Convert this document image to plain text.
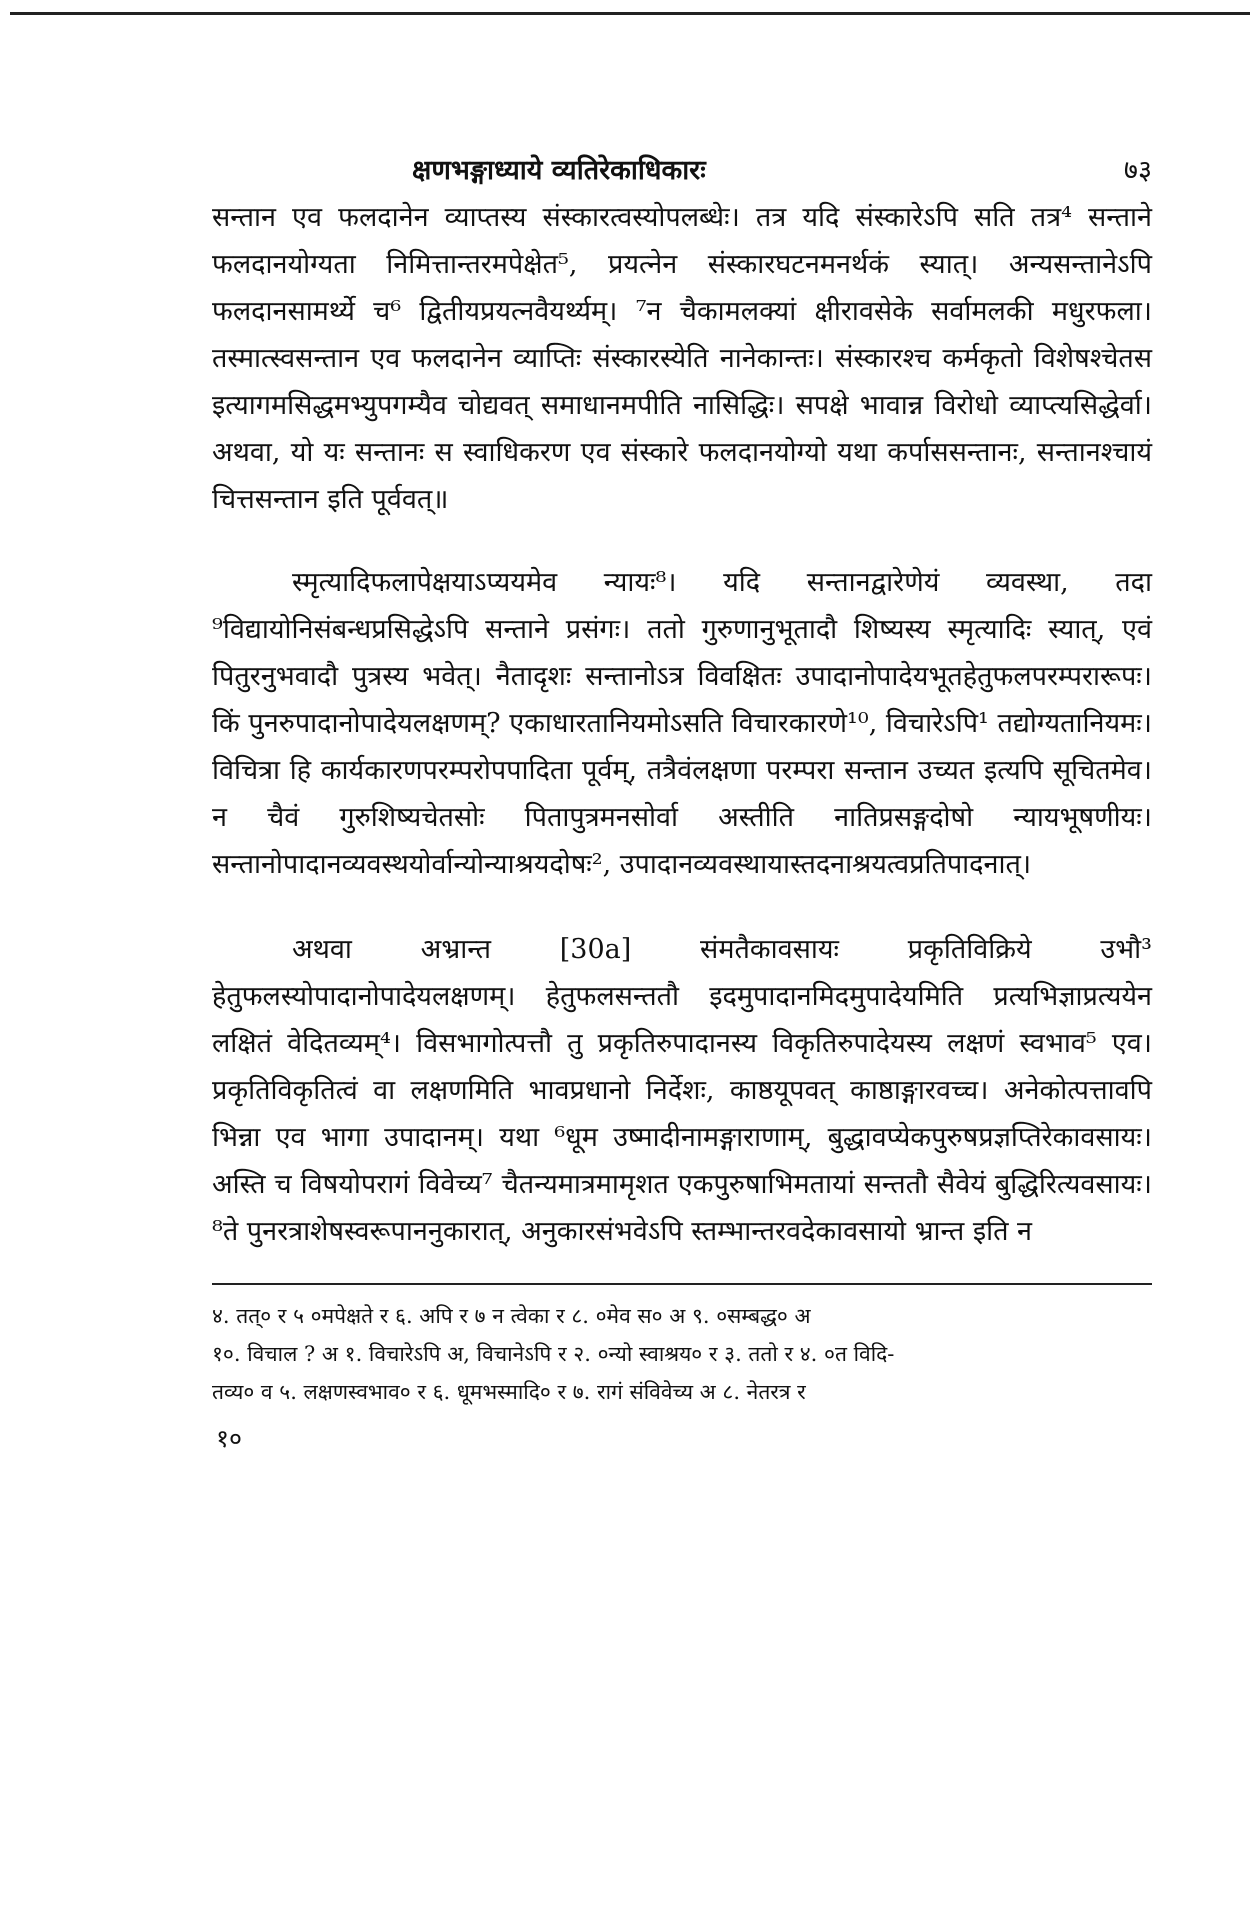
क्षणभङ्गाध्याये व्यतिरेकाधिकारः	७३

सन्तान एव फलदानेन व्याप्तस्य संस्कारत्वस्योपलब्धेः। तत्र यदि संस्कारेऽपि सति तत्र⁴ सन्ताने फलदानयोग्यता निमित्तान्तरमपेक्षेत⁵, प्रयत्नेन संस्कारघटनमनर्थकं स्यात्। अन्यसन्तानेऽपि फलदानसामर्थ्ये च⁶ द्वितीयप्रयत्नवैयर्थ्यम्। ⁷न चैकामलक्यां क्षीरावसेके सर्वामलकी मधुरफला। तस्मात्स्वसन्तान एव फलदानेन व्याप्तिः संस्कारस्येति नानेकान्तः। संस्कारश्च कर्मकृतो विशेषश्चेतस इत्यागमसिद्धमभ्युपगम्यैव चोद्यवत् समाधानमपीति नासिद्धिः। सपक्षे भावान्न विरोधो व्याप्त्यसिद्धेर्वा। अथवा, यो यः सन्तानः स स्वाधिकरण एव संस्कारे फलदानयोग्यो यथा कर्पाससन्तानः, सन्तानश्चायं चित्तसन्तान इति पूर्ववत्॥

स्मृत्यादिफलापेक्षयाऽप्ययमेव न्यायः⁸। यदि सन्तानद्वारेणेयं व्यवस्था, तदा ⁹विद्यायोनिसंबन्धप्रसिद्धेऽपि सन्ताने प्रसंगः। ततो गुरुणानुभूतादौ शिष्यस्य स्मृत्यादिः स्यात्, एवं पितुरनुभवादौ पुत्रस्य भवेत्। नैतादृशः सन्तानोऽत्र विवक्षितः उपादानोपादेयभूतहेतुफलपरम्परारूपः। किं पुनरुपादानोपादेयलक्षणम्? एकाधारतानियमोऽसति विचारकारणे¹⁰, विचारेऽपि¹ तद्योग्यतानियमः। विचित्रा हि कार्यकारणपरम्परोपपादिता पूर्वम्, तत्रैवंलक्षणा परम्परा सन्तान उच्यत इत्यपि सूचितमेव। न चैवं गुरुशिष्यचेतसोः पितापुत्रमनसोर्वा अस्तीति नातिप्रसङ्गदोषो न्यायभूषणीयः। सन्तानोपादानव्यवस्थयोर्वान्योन्याश्रयदोषः², उपादानव्यवस्थायास्तदनाश्रयत्वप्रतिपादनात्।

अथवा अभ्रान्त [30a] संमतैकावसायः प्रकृतिविक्रिये उभौ³ हेतुफलस्योपादानोपादेयलक्षणम्। हेतुफलसन्ततौ इदमुपादानमिदमुपादेयमिति प्रत्यभिज्ञाप्रत्ययेन लक्षितं वेदितव्यम्⁴। विसभागोत्पत्तौ तु प्रकृतिरुपादानस्य विकृतिरुपादेयस्य लक्षणं स्वभाव⁵ एव। प्रकृतिविकृतित्वं वा लक्षणमिति भावप्रधानो निर्देशः, काष्ठयूपवत् काष्ठाङ्गारवच्च। अनेकोत्पत्तावपि भिन्ना एव भागा उपादानम्। यथा ⁶धूम उष्मादीनामङ्गाराणाम्, बुद्धावप्येकपुरुषप्रज्ञप्तिरेकावसायः। अस्ति च विषयोपरागं विवेच्य⁷ चैतन्यमात्रमामृशत एकपुरुषाभिमतायां सन्ततौ सैवेयं बुद्धिरित्यवसायः। ⁸ते पुनरत्राशेषस्वरूपाननुकारात्, अनुकारसंभवेऽपि स्तम्भान्तरवदेकावसायो भ्रान्त इति न

४. तत्० र ५ ०मपेक्षते र ६. अपि र ७ न त्वेका र ८. ०मेव स० अ ९. ०सम्बद्ध० अ

१०. विचाल ? अ १. विचारेऽपि अ, विचानेऽपि र २. ०न्यो स्वाश्रय० र ३. ततो र ४. ०त विदि-

तव्य० व ५. लक्षणस्वभाव० र ६. धूमभस्मादि० र ७. रागं संविवेच्य अ ८. नेतरत्र र

१०
